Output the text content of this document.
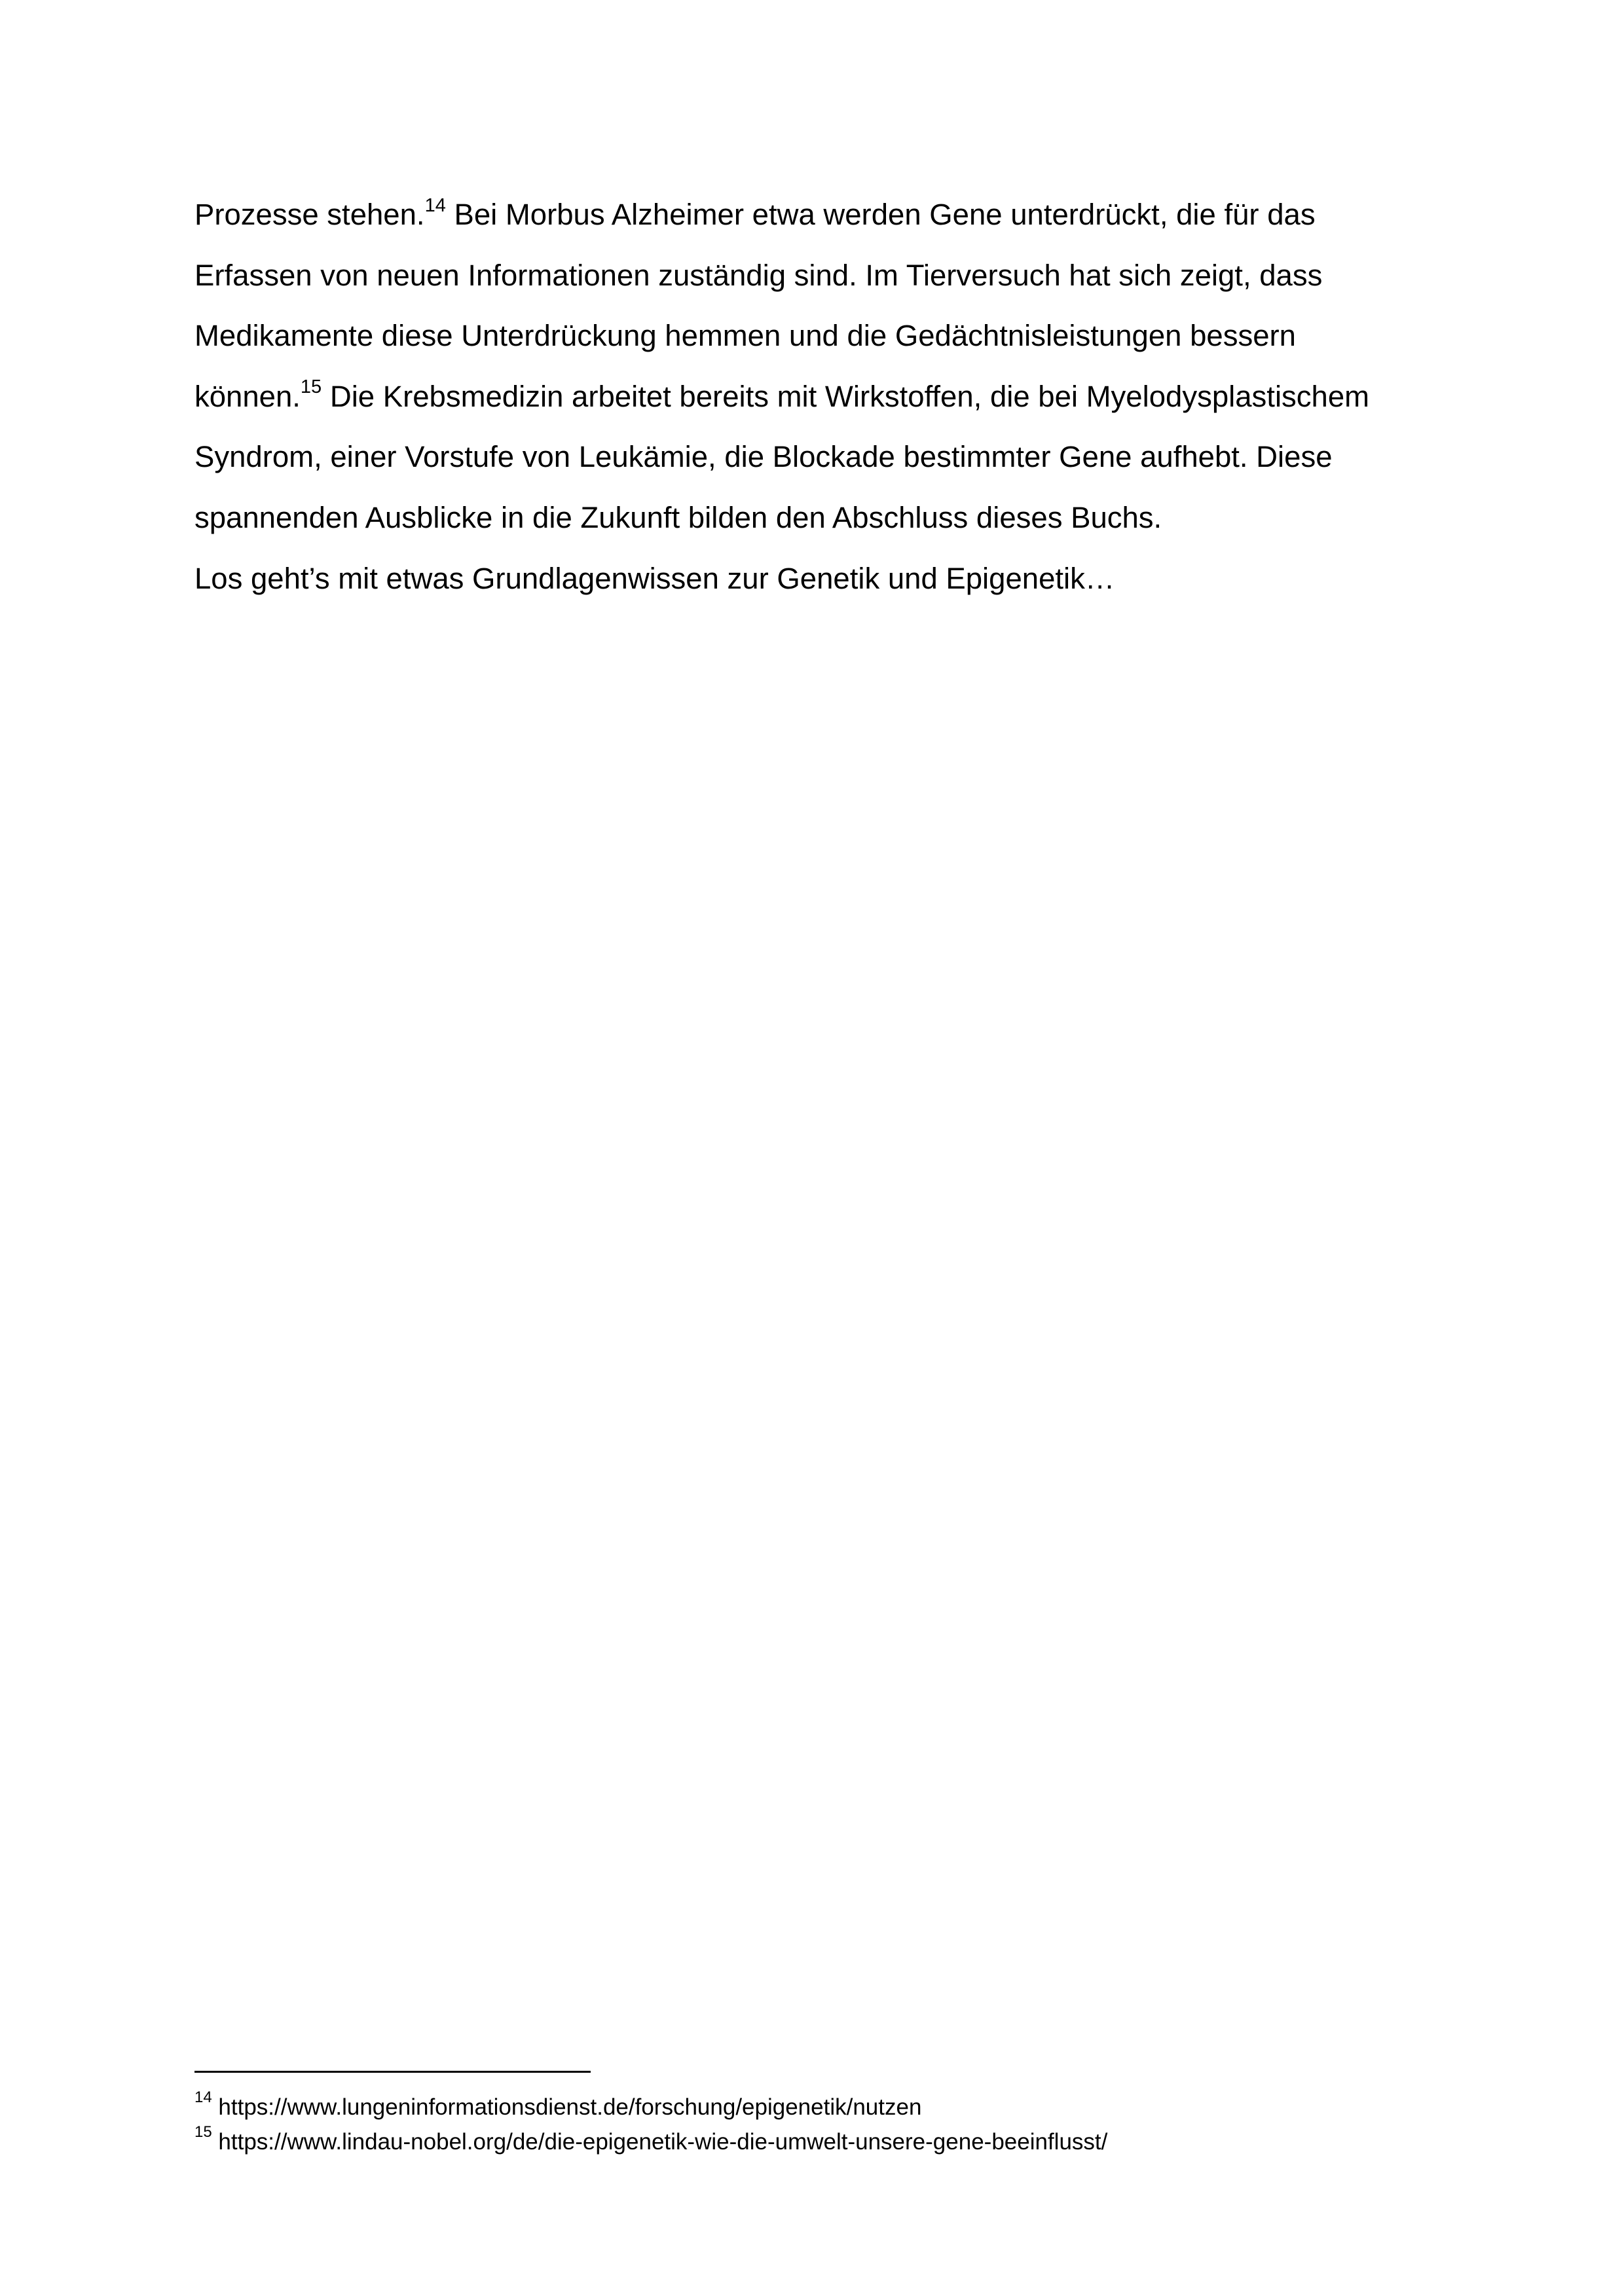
Prozesse stehen.$^{14}$ Bei Morbus Alzheimer etwa werden Gene unterdrückt, die für das
Erfassen von neuen Informationen zuständig sind. Im Tierversuch hat sich zeigt, dass
Medikamente diese Unterdrückung hemmen und die Gedächtnisleistungen bessern
können.$^{15}$ Die Krebsmedizin arbeitet bereits mit Wirkstoffen, die bei Myelodysplastischem
Syndrom, einer Vorstufe von Leukämie, die Blockade bestimmter Gene aufhebt. Diese
spannenden Ausblicke in die Zukunft bilden den Abschluss dieses Buchs.
Los geht’s mit etwas Grundlagenwissen zur Genetik und Epigenetik…
$^{14}$ https://www.lungeninformationsdienst.de/forschung/epigenetik/nutzen
$^{15}$ https://www.lindau-nobel.org/de/die-epigenetik-wie-die-umwelt-unsere-gene-beeinflusst/
